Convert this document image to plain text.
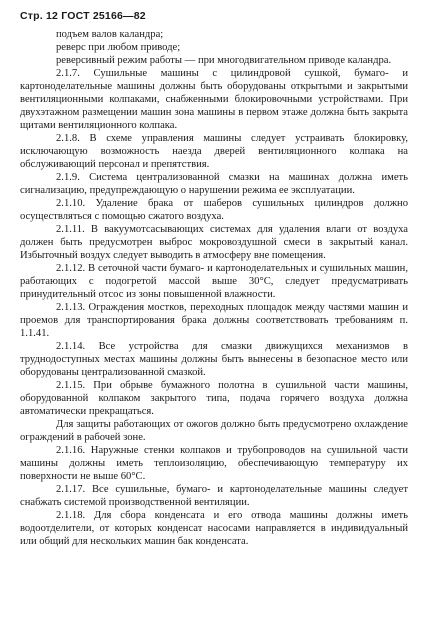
Стр. 12 ГОСТ 25166—82

подъем валов каландра;

реверс при любом приводе;

реверсивный режим работы — при многодвигательном приводе каландра.

2.1.7. Сушильные машины с цилиндровой сушкой, бумаго- и картоноделательные машины должны быть оборудованы открытыми и закрытыми вентиляционными колпаками, снабженными блокировочными устройствами. При двухэтажном размещении машин зона машины в первом этаже должна быть закрыта щитами вентиляционного колпака.

2.1.8. В схеме управления машины следует устраивать блокировку, исключающую возможность наезда дверей вентиляционного колпака на обслуживающий персонал и препятствия.

2.1.9. Система централизованной смазки на машинах должна иметь сигнализацию, предупреждающую о нарушении режима ее эксплуатации.

2.1.10. Удаление брака от шаберов сушильных цилиндров должно осуществляться с помощью сжатого воздуха.

2.1.11. В вакуумотсасывающих системах для удаления влаги от воздуха должен быть предусмотрен выброс мокровоздушной смеси в закрытый канал. Избыточный воздух следует выводить в атмосферу вне помещения.

2.1.12. В сеточной части бумаго- и картоноделательных и сушильных машин, работающих с подогретой массой выше 30°С, следует предусматривать принудительный отсос из зоны повышенной влажности.

2.1.13. Ограждения мостков, переходных площадок между частями машин и проемов для транспортирования брака должны соответствовать требованиям п. 1.1.41.

2.1.14. Все устройства для смазки движущихся механизмов в труднодоступных местах машины должны быть вынесены в безопасное место или оборудованы централизованной смазкой.

2.1.15. При обрыве бумажного полотна в сушильной части машины, оборудованной колпаком закрытого типа, подача горячего воздуха должна автоматически прекращаться.

Для защиты работающих от ожогов должно быть предусмотрено охлаждение ограждений в рабочей зоне.

2.1.16. Наружные стенки колпаков и трубопроводов на сушильной части машины должны иметь теплоизоляцию, обеспечивающую температуру их поверхности не выше 60°С.

2.1.17. Все сушильные, бумаго- и картоноделательные машины следует снабжать системой производственной вентиляции.

2.1.18. Для сбора конденсата и его отвода машины должны иметь водоотделители, от которых конденсат насосами направляется в индивидуальный или общий для нескольких машин бак конденсата.
